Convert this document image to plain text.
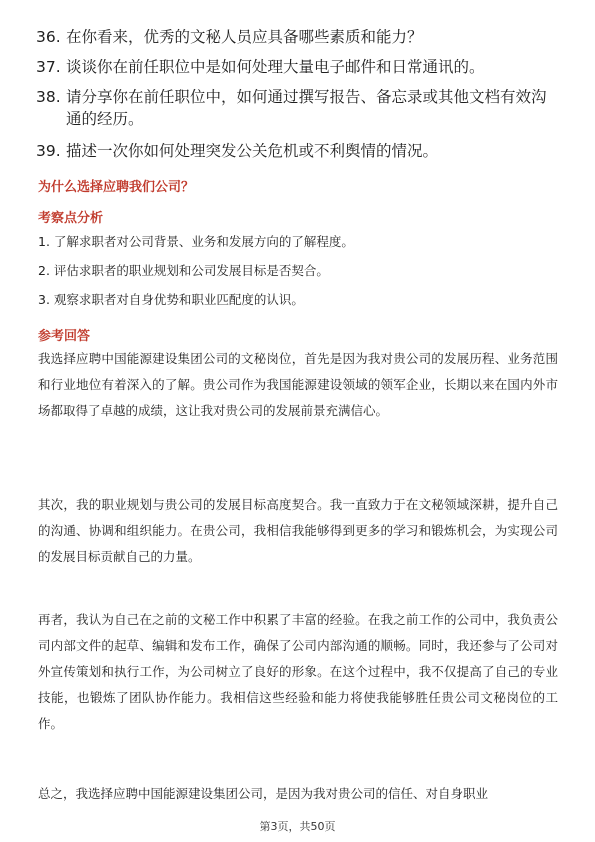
36. 在你看来，优秀的文秘人员应具备哪些素质和能力？
37. 谈谈你在前任职位中是如何处理大量电子邮件和日常通讯的。
38. 请分享你在前任职位中，如何通过撰写报告、备忘录或其他文档有效沟通的经历。
39. 描述一次你如何处理突发公关危机或不利舆情的情况。
为什么选择应聘我们公司？
考察点分析
1. 了解求职者对公司背景、业务和发展方向的了解程度。
2. 评估求职者的职业规划和公司发展目标是否契合。
3. 观察求职者对自身优势和职业匹配度的认识。
参考回答
我选择应聘中国能源建设集团公司的文秘岗位，首先是因为我对贵公司的发展历程、业务范围和行业地位有着深入的了解。贵公司作为我国能源建设领域的领军企业，长期以来在国内外市场都取得了卓越的成绩，这让我对贵公司的发展前景充满信心。
其次，我的职业规划与贵公司的发展目标高度契合。我一直致力于在文秘领域深耕，提升自己的沟通、协调和组织能力。在贵公司，我相信我能够得到更多的学习和锻炼机会，为实现公司的发展目标贡献自己的力量。
再者，我认为自己在之前的文秘工作中积累了丰富的经验。在我之前工作的公司中，我负责公司内部文件的起草、编辑和发布工作，确保了公司内部沟通的顺畅。同时，我还参与了公司对外宣传策划和执行工作，为公司树立了良好的形象。在这个过程中，我不仅提高了自己的专业技能，也锻炼了团队协作能力。我相信这些经验和能力将使我能够胜任贵公司文秘岗位的工作。
总之，我选择应聘中国能源建设集团公司，是因为我对贵公司的信任、对自身职业
第3页，共50页
